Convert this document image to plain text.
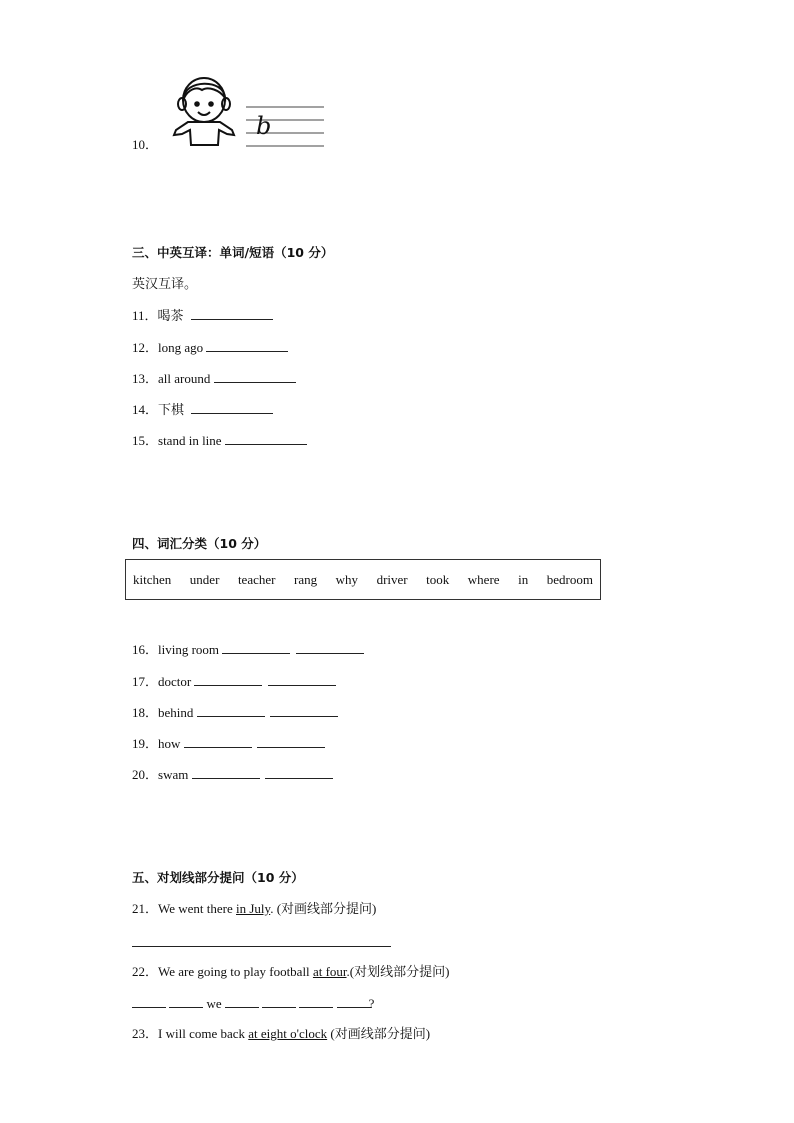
10．
b
三、中英互译：单词/短语（10 分）
英汉互译。
11．喝茶
12．long ago
13．all around
14．下棋
15．stand in line
四、词汇分类（10 分）
kitchen under teacher rang why driver took where in bedroom
16．living room
17．doctor
18．behind
19．how
20．swam
五、对划线部分提问（10 分）
21．We went there in July. (对画线部分提问)
22．We are going to play football at four.(对划线部分提问)
we	?
23．I will come back at eight o'clock (对画线部分提问)
